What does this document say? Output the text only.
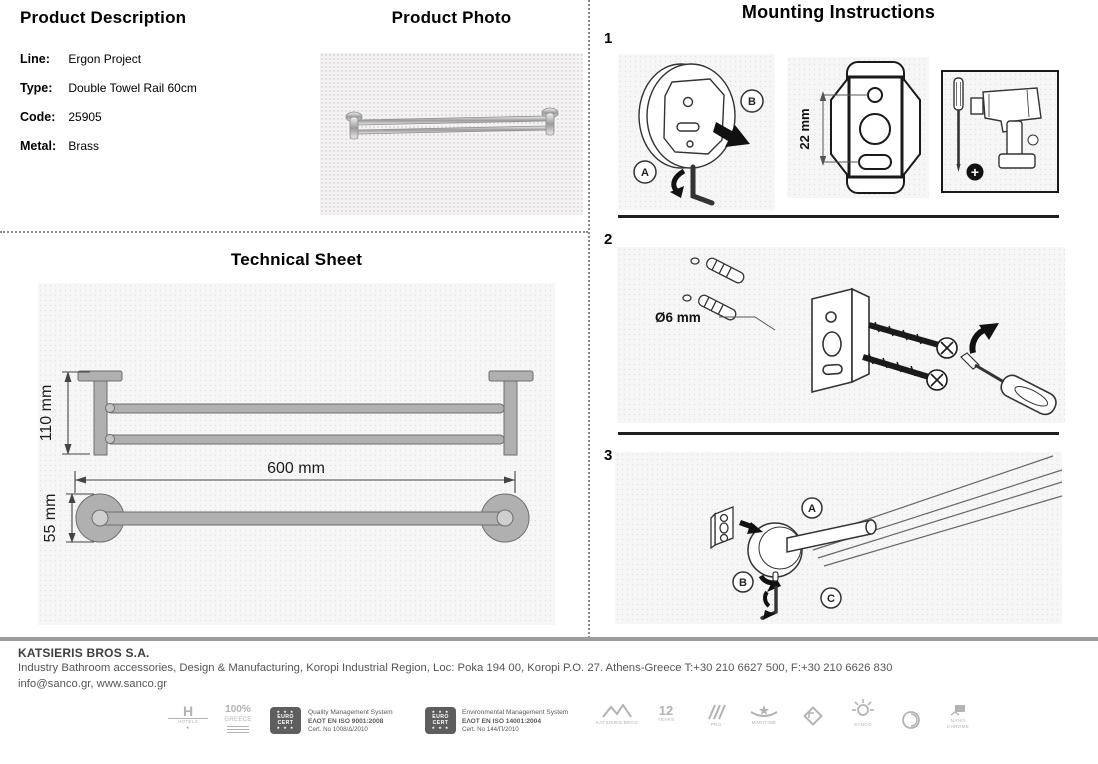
Product Description
Line: Ergon Project
Type: Double Towel Rail 60cm
Code: 25905
Metal: Brass
Product Photo
Technical Sheet
110 mm
600 mm
55 mm
Mounting Instructions
1
A
B
22 mm
+
2
Ø6 mm
3
A
B
C
KATSIERIS BROS S.A.
Industry Bathroom accessories, Design & Manufacturing, Koropi Industrial Region, Loc: Poka 194 00, Koropi P.O. 27. Athens-Greece T:+30 210 6627 500, F:+30 210 6626 830
info@sanco.gr, www.sanco.gr
H
HOTELS
★
100%
GREECE
★ ★ ★
EURO CERT
★ ★ ★
Quality Management System
ΕΛΟΤ EN ISO 9001:2008
Cert. No 1008/Δ/2010
★ ★ ★
EURO CERT
★ ★ ★
Environmental Management System
ΕΛΟΤ EN ISO 14001:2004
Cert. No 144/Π/2010
KATSIERIS BROS
12
YEARS
PRO	MARITIME	SANCO
NANO
CHROME
